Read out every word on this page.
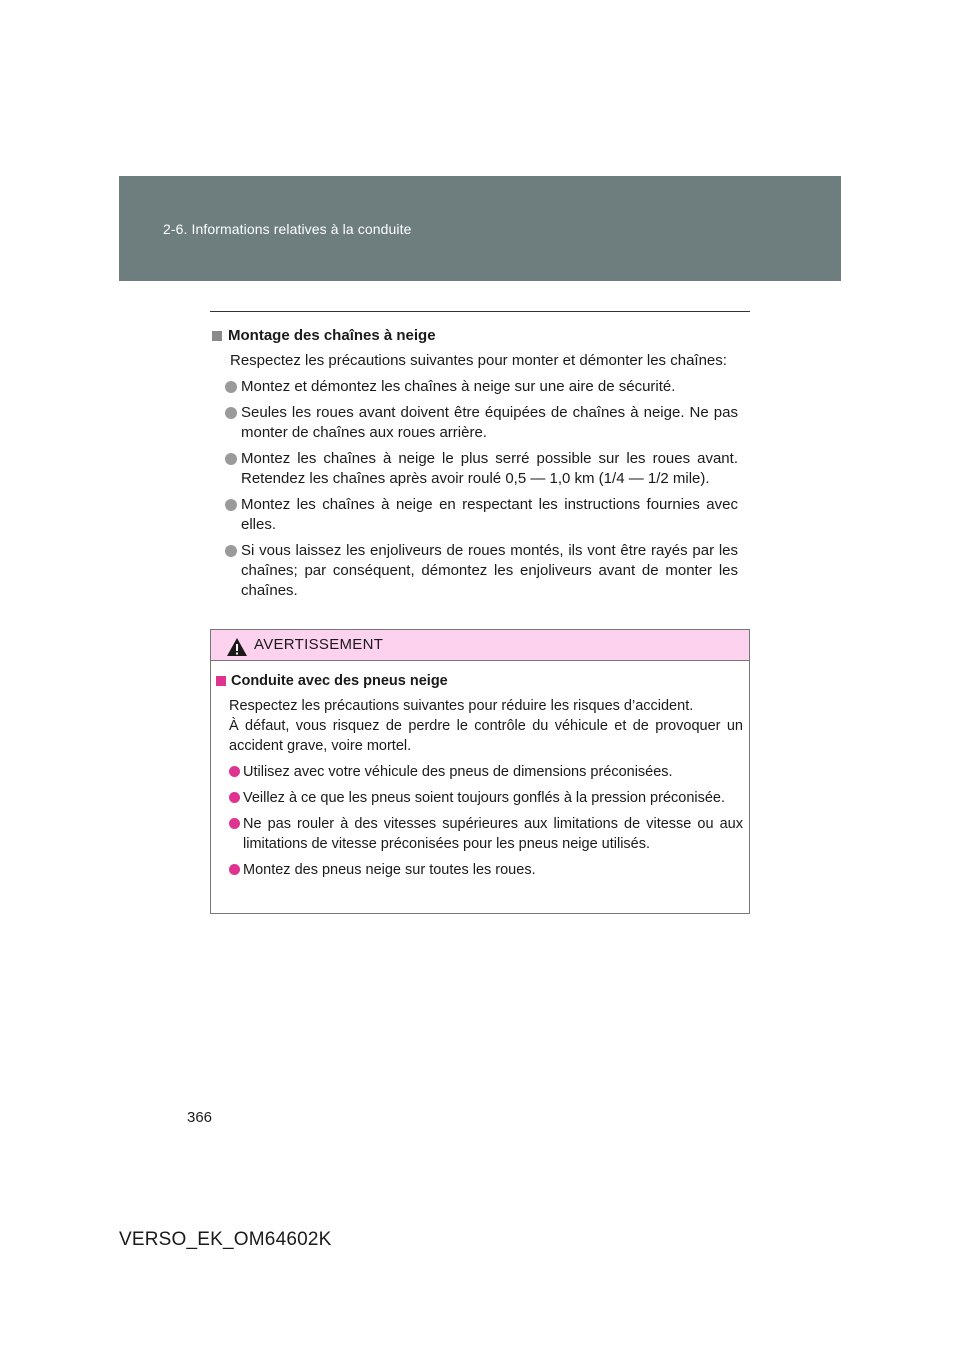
2-6. Informations relatives à la conduite
Montage des chaînes à neige
Respectez les précautions suivantes pour monter et démonter les chaînes:
Montez et démontez les chaînes à neige sur une aire de sécurité.
Seules les roues avant doivent être équipées de chaînes à neige. Ne pas monter de chaînes aux roues arrière.
Montez les chaînes à neige le plus serré possible sur les roues avant. Retendez les chaînes après avoir roulé 0,5 — 1,0 km (1/4 — 1/2 mile).
Montez les chaînes à neige en respectant les instructions fournies avec elles.
Si vous laissez les enjoliveurs de roues montés, ils vont être rayés par les chaînes; par conséquent, démontez les enjoliveurs avant de monter les chaînes.
AVERTISSEMENT
Conduite avec des pneus neige
Respectez les précautions suivantes pour réduire les risques d’accident.
À défaut, vous risquez de perdre le contrôle du véhicule et de provoquer un accident grave, voire mortel.
Utilisez avec votre véhicule des pneus de dimensions préconisées.
Veillez à ce que les pneus soient toujours gonflés à la pression préconisée.
Ne pas rouler à des vitesses supérieures aux limitations de vitesse ou aux limitations de vitesse préconisées pour les pneus neige utilisés.
Montez des pneus neige sur toutes les roues.
366
VERSO_EK_OM64602K
